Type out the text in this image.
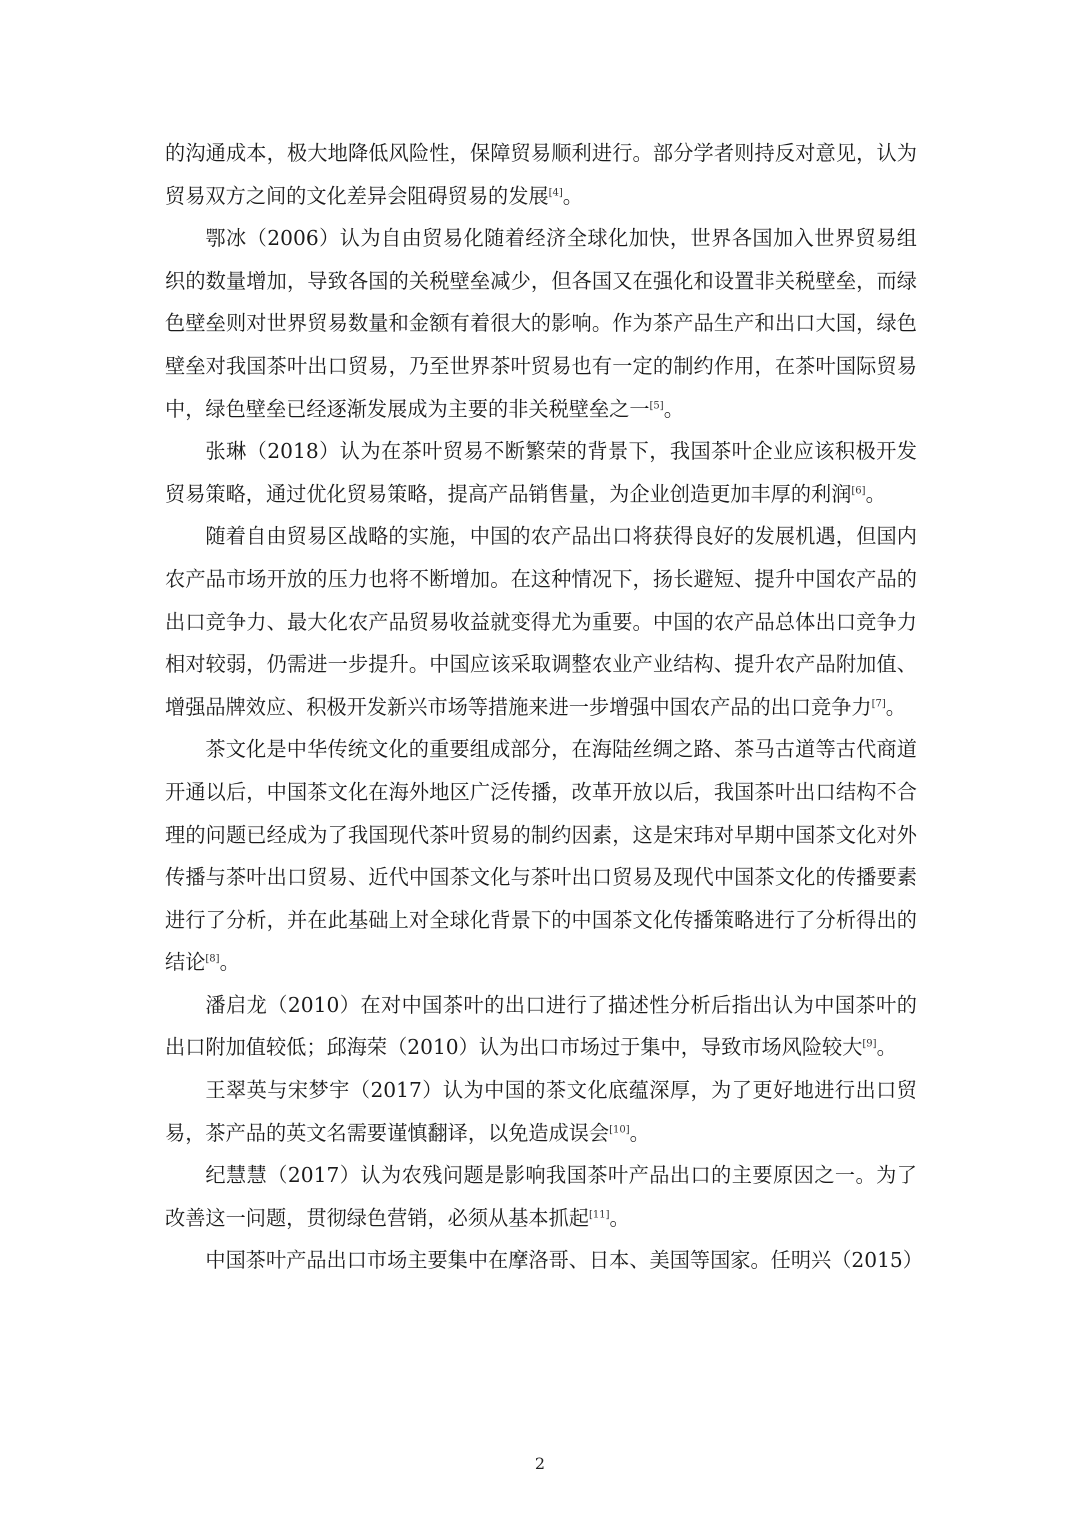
的沟通成本，极大地降低风险性，保障贸易顺利进行。部分学者则持反对意见，认为贸易双方之间的文化差异会阻碍贸易的发展[4]。

鄂冰（2006）认为自由贸易化随着经济全球化加快，世界各国加入世界贸易组织的数量增加，导致各国的关税壁垒减少，但各国又在强化和设置非关税壁垒，而绿色壁垒则对世界贸易数量和金额有着很大的影响。作为茶产品生产和出口大国，绿色壁垒对我国茶叶出口贸易，乃至世界茶叶贸易也有一定的制约作用，在茶叶国际贸易中，绿色壁垒已经逐渐发展成为主要的非关税壁垒之一[5]。

张琳（2018）认为在茶叶贸易不断繁荣的背景下，我国茶叶企业应该积极开发贸易策略，通过优化贸易策略，提高产品销售量，为企业创造更加丰厚的利润[6]。

随着自由贸易区战略的实施，中国的农产品出口将获得良好的发展机遇，但国内农产品市场开放的压力也将不断增加。在这种情况下，扬长避短、提升中国农产品的出口竞争力、最大化农产品贸易收益就变得尤为重要。中国的农产品总体出口竞争力相对较弱，仍需进一步提升。中国应该采取调整农业产业结构、提升农产品附加值、增强品牌效应、积极开发新兴市场等措施来进一步增强中国农产品的出口竞争力[7]。

茶文化是中华传统文化的重要组成部分，在海陆丝绸之路、茶马古道等古代商道开通以后，中国茶文化在海外地区广泛传播，改革开放以后，我国茶叶出口结构不合理的问题已经成为了我国现代茶叶贸易的制约因素，这是宋玮对早期中国茶文化对外传播与茶叶出口贸易、近代中国茶文化与茶叶出口贸易及现代中国茶文化的传播要素进行了分析，并在此基础上对全球化背景下的中国茶文化传播策略进行了分析得出的结论[8]。

潘启龙（2010）在对中国茶叶的出口进行了描述性分析后指出认为中国茶叶的出口附加值较低；邱海荣（2010）认为出口市场过于集中，导致市场风险较大[9]。

王翠英与宋梦宇（2017）认为中国的茶文化底蕴深厚，为了更好地进行出口贸易，茶产品的英文名需要谨慎翻译，以免造成误会[10]。

纪慧慧（2017）认为农残问题是影响我国茶叶产品出口的主要原因之一。为了改善这一问题，贯彻绿色营销，必须从基本抓起[11]。

中国茶叶产品出口市场主要集中在摩洛哥、日本、美国等国家。任明兴（2015）

2
